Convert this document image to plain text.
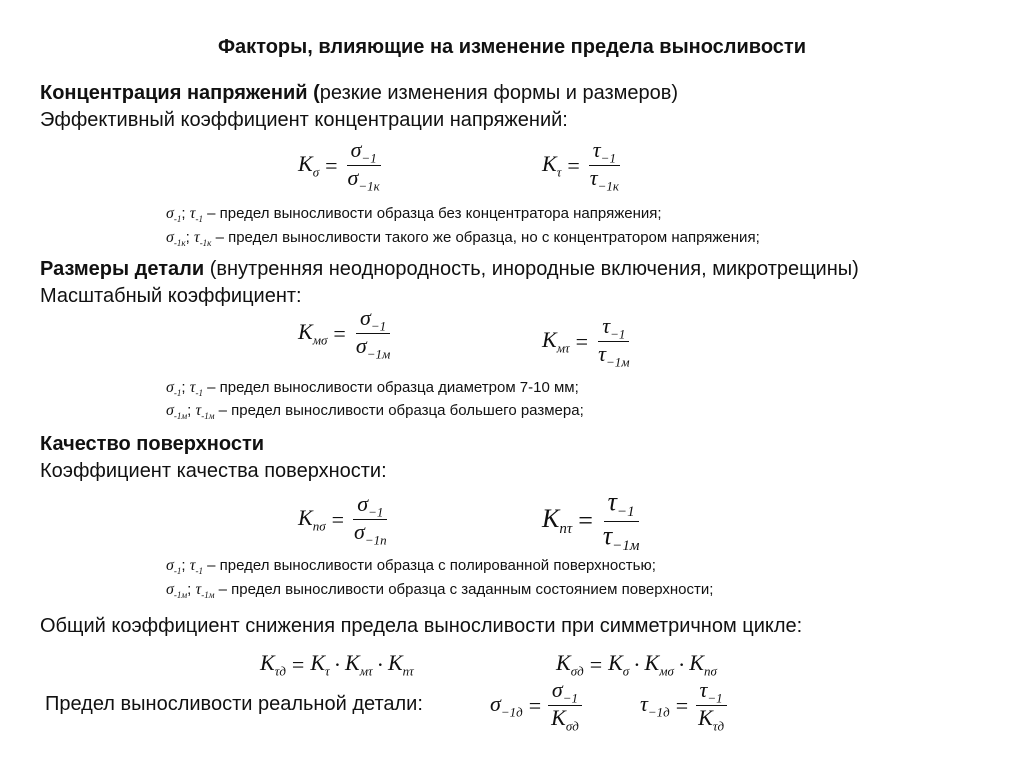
Факторы, влияющие на изменение предела выносливости
Концентрация напряжений (резкие изменения формы и размеров)
Эффективный коэффициент концентрации напряжений:
$K_\sigma = \frac{\sigma_{-1}}{\sigma_{-1к}}$	$K_\tau = \frac{\tau_{-1}}{\tau_{-1к}}$
$\sigma_{-1}$; $\tau_{-1}$ – предел выносливости образца без концентратора напряжения;
$\sigma_{-1к}$; $\tau_{-1к}$ – предел выносливости такого же образца, но с концентратором напряжения;
Размеры детали (внутренняя неоднородность, инородные включения, микротрещины)
Масштабный коэффициент:
$K_{м\sigma} = \frac{\sigma_{-1}}{\sigma_{-1м}}$	$K_{м\tau} = \frac{\tau_{-1}}{\tau_{-1м}}$
$\sigma_{-1}$; $\tau_{-1}$ – предел выносливости образца диаметром 7-10 мм;
$\sigma_{-1м}$; $\tau_{-1м}$ – предел выносливости образца большего размера;
Качество поверхности
Коэффициент качества поверхности:
$K_{п\sigma} = \frac{\sigma_{-1}}{\sigma_{-1п}}$	$K_{п\tau} = \frac{\tau_{-1}}{\tau_{-1м}}$
$\sigma_{-1}$; $\tau_{-1}$ – предел выносливости образца с полированной поверхностью;
$\sigma_{-1м}$; $\tau_{-1м}$ – предел выносливости образца с заданным состоянием поверхности;
Общий коэффициент снижения предела выносливости при симметричном цикле:
$K_{\tau д} = K_\tau \cdot K_{м\tau} \cdot K_{п\tau}$	$K_{\sigma д} = K_\sigma \cdot K_{м\sigma} \cdot K_{п\sigma}$
Предел выносливости реальной детали:	$\sigma_{-1д} = \frac{\sigma_{-1}}{K_{\sigma д}}$	$\tau_{-1д} = \frac{\tau_{-1}}{K_{\tau д}}$
